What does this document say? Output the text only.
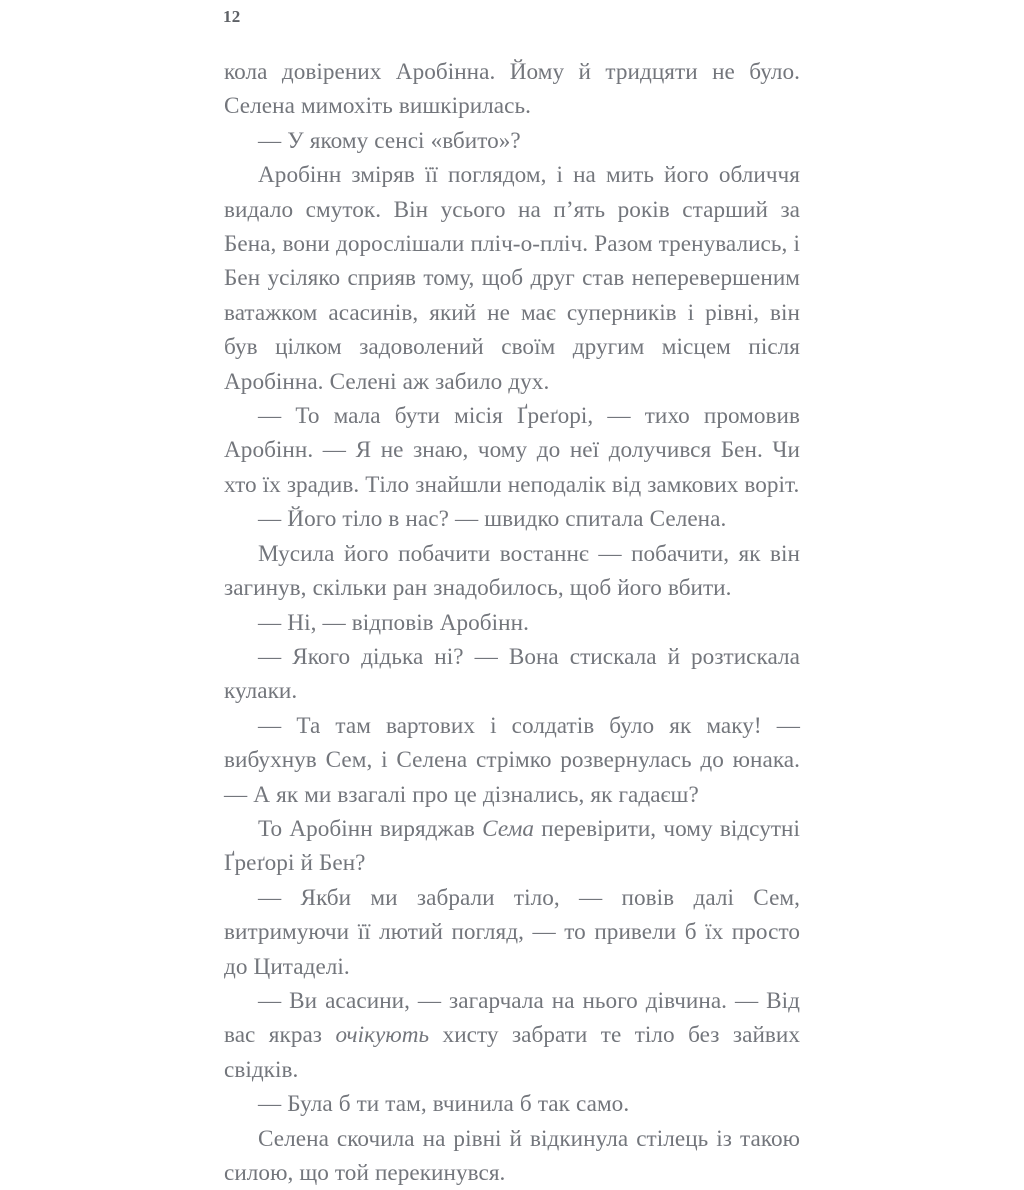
12

кола довірених Аробінна. Йому й тридцяти не було. Селена мимохіть вишкірилась.

— У якому сенсі «вбито»?

Аробінн зміряв її поглядом, і на мить його обличчя видало смуток. Він усього на п’ять років старший за Бена, вони дорослішали пліч-о-пліч. Разом тренувались, і Бен усіляко сприяв тому, щоб друг став неперевершеним ватажком асасинів, який не має суперників і рівні, він був цілком задоволений своїм другим місцем після Аробінна. Селені аж забило дух.

— То мала бути місія Ґреґорі, — тихо промовив Аробінн. — Я не знаю, чому до неї долучився Бен. Чи хто їх зрадив. Тіло знайшли неподалік від замкових воріт.

— Його тіло в нас? — швидко спитала Селена.

Мусила його побачити востаннє — побачити, як він загинув, скільки ран знадобилось, щоб його вбити.

— Ні, — відповів Аробінн.

— Якого дідька ні? — Вона стискала й розтискала кулаки.

— Та там вартових і солдатів було як маку! — вибухнув Сем, і Селена стрімко розвернулась до юнака. — А як ми взагалі про це дізнались, як гадаєш?

То Аробінн виряджав Сема перевірити, чому відсутні Ґреґорі й Бен?

— Якби ми забрали тіло, — повів далі Сем, витримуючи її лютий погляд, — то привели б їх просто до Цитаделі.

— Ви асасини, — загарчала на нього дівчина. — Від вас якраз очікують хисту забрати те тіло без зайвих свідків.

— Була б ти там, вчинила б так само.

Селена скочила на рівні й відкинула стілець із такою силою, що той перекинувся.
